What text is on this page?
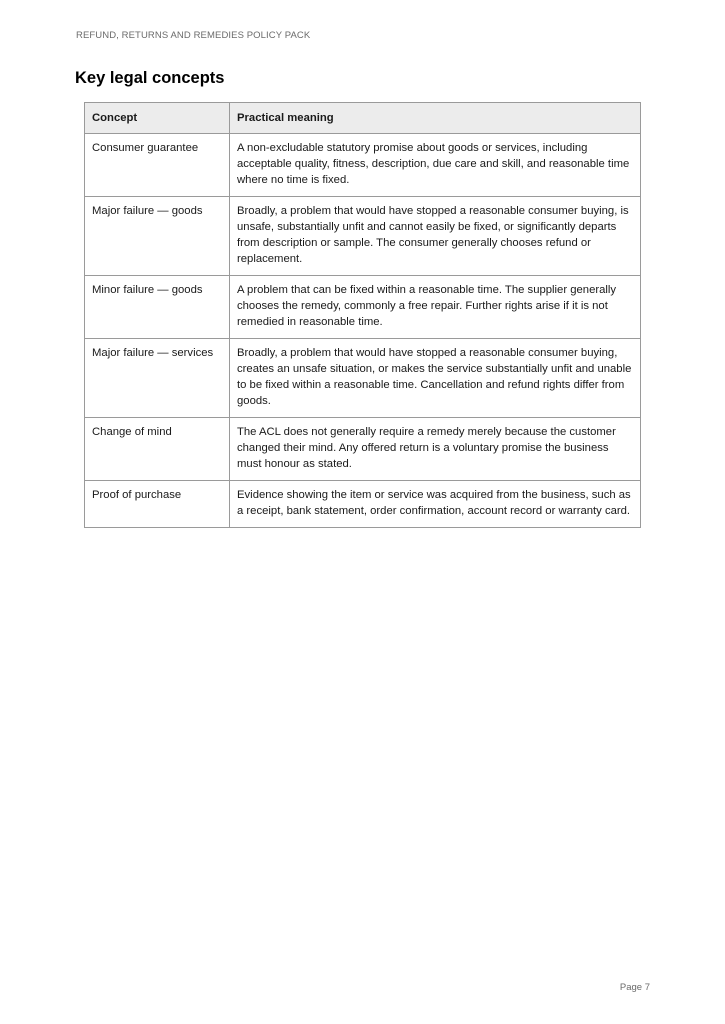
REFUND, RETURNS AND REMEDIES POLICY PACK
Key legal concepts
Concept	Practical meaning
Consumer guarantee	A non-excludable statutory promise about goods or services, including acceptable quality, fitness, description, due care and skill, and reasonable time where no time is fixed.
Major failure — goods	Broadly, a problem that would have stopped a reasonable consumer buying, is unsafe, substantially unfit and cannot easily be fixed, or significantly departs from description or sample. The consumer generally chooses refund or replacement.
Minor failure — goods	A problem that can be fixed within a reasonable time. The supplier generally chooses the remedy, commonly a free repair. Further rights arise if it is not remedied in reasonable time.
Major failure — services	Broadly, a problem that would have stopped a reasonable consumer buying, creates an unsafe situation, or makes the service substantially unfit and unable to be fixed within a reasonable time. Cancellation and refund rights differ from goods.
Change of mind	The ACL does not generally require a remedy merely because the customer changed their mind. Any offered return is a voluntary promise the business must honour as stated.
Proof of purchase	Evidence showing the item or service was acquired from the business, such as a receipt, bank statement, order confirmation, account record or warranty card.
Page 7
